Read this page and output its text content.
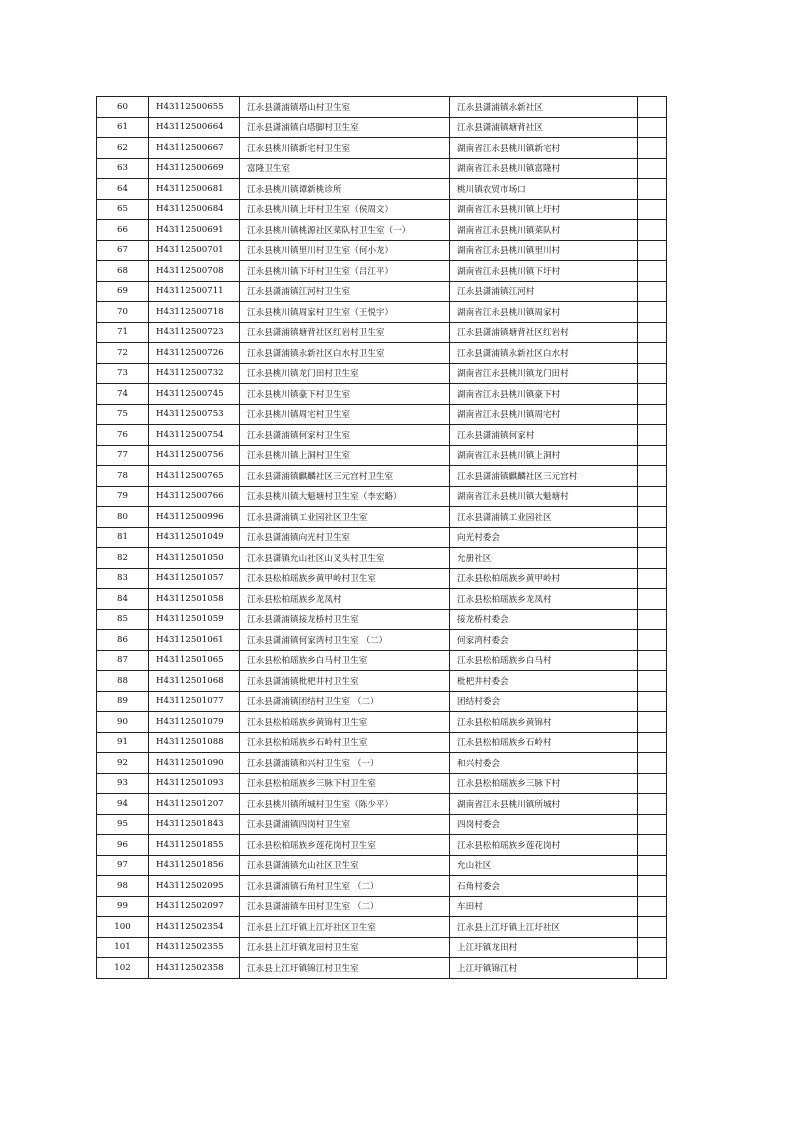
60	H43112500655	江永县潇浦镇塔山村卫生室	江永县潇浦镇永新社区	
61	H43112500664	江永县潇浦镇白塔脚村卫生室	江永县潇浦镇塘背社区	
62	H43112500667	江永县桃川镇新宅村卫生室	湖南省江永县桃川镇新宅村	
63	H43112500669	富隆卫生室	湖南省江永县桃川镇富隆村	
64	H43112500681	江永县桃川镇谭新桃诊所	桃川镇农贸市场口	
65	H43112500684	江永县桃川镇上圩村卫生室（侯周文）	湖南省江永县桃川镇上圩村	
66	H43112500691	江永县桃川镇桃源社区菜队村卫生室（一）	湖南省江永县桃川镇菜队村	
67	H43112500701	江永县桃川镇里川村卫生室（何小龙）	湖南省江永县桃川镇里川村	
68	H43112500708	江永县桃川镇下圩村卫生室（吕江平）	湖南省江永县桃川镇下圩村	
69	H43112500711	江永县潇浦镇江河村卫生室	江永县潇浦镇江河村	
70	H43112500718	江永县桃川镇周家村卫生室（王悦宇）	湖南省江永县桃川镇周家村	
71	H43112500723	江永县潇浦镇塘背社区红岩村卫生室	江永县潇浦镇塘背社区红岩村	
72	H43112500726	江永县潇浦镇永新社区白水村卫生室	江永县潇浦镇永新社区白水村	
73	H43112500732	江永县桃川镇龙门田村卫生室	湖南省江永县桃川镇龙门田村	
74	H43112500745	江永县桃川镇豪下村卫生室	湖南省江永县桃川镇豪下村	
75	H43112500753	江永县桃川镇周宅村卫生室	湖南省江永县桃川镇周宅村	
76	H43112500754	江永县潇浦镇何家村卫生室	江永县潇浦镇何家村	
77	H43112500756	江永县桃川镇上洞村卫生室	湖南省江永县桃川镇上洞村	
78	H43112500765	江永县潇浦镇麒麟社区三元宫村卫生室	江永县潇浦镇麒麟社区三元宫村	
79	H43112500766	江永县桃川镇大魁塘村卫生室（李宏略）	湖南省江永县桃川镇大魁塘村	
80	H43112500996	江永县潇浦镇工业园社区卫生室	江永县潇浦镇工业园社区	
81	H43112501049	江永县潇浦镇向光村卫生室	向光村委会	
82	H43112501050	江永县潇镇允山社区山叉头村卫生室	允册社区	
83	H43112501057	江永县松柏瑶族乡黄甲岭村卫生室	江永县松柏瑶族乡黄甲岭村	
84	H43112501058	江永县松柏瑶族乡龙凤村	江永县松柏瑶族乡龙凤村	
85	H43112501059	江永县潇浦镇接龙桥村卫生室	接龙桥村委会	
86	H43112501061	江永县潇浦镇何家湾村卫生室 （二）	何家湾村委会	
87	H43112501065	江永县松柏瑶族乡白马村卫生室	江永县松柏瑶族乡白马村	
88	H43112501068	江永县潇浦镇枇杷井村卫生室	枇杷井村委会	
89	H43112501077	江永县潇浦镇团结村卫生室 （二）	团结村委会	
90	H43112501079	江永县松柏瑶族乡黄锦村卫生室	江永县松柏瑶族乡黄锦村	
91	H43112501088	江永县松柏瑶族乡石岭村卫生室	江永县松柏瑶族乡石岭村	
92	H43112501090	江永县潇浦镇和兴村卫生室 （一）	和兴村委会	
93	H43112501093	江永县松柏瑶族乡三脉下村卫生室	江永县松柏瑶族乡三脉下村	
94	H43112501207	江永县桃川镇所城村卫生室（陈少平）	湖南省江永县桃川镇所城村	
95	H43112501843	江永县潇浦镇四岗村卫生室	四岗村委会	
96	H43112501855	江永县松柏瑶族乡莲花岗村卫生室	江永县松柏瑶族乡莲花岗村	
97	H43112501856	江永县潇浦镇允山社区卫生室	允山社区	
98	H43112502095	江永县潇浦镇石角村卫生室 （二）	石角村委会	
99	H43112502097	江永县潇浦镇车田村卫生室 （二）	车田村	
100	H43112502354	江永县上江圩镇上江圩社区卫生室	江永县上江圩镇上江圩社区	
101	H43112502355	江永县上江圩镇龙田村卫生室	上江圩镇龙田村	
102	H43112502358	江永县上江圩镇锦江村卫生室	上江圩镇锦江村	
